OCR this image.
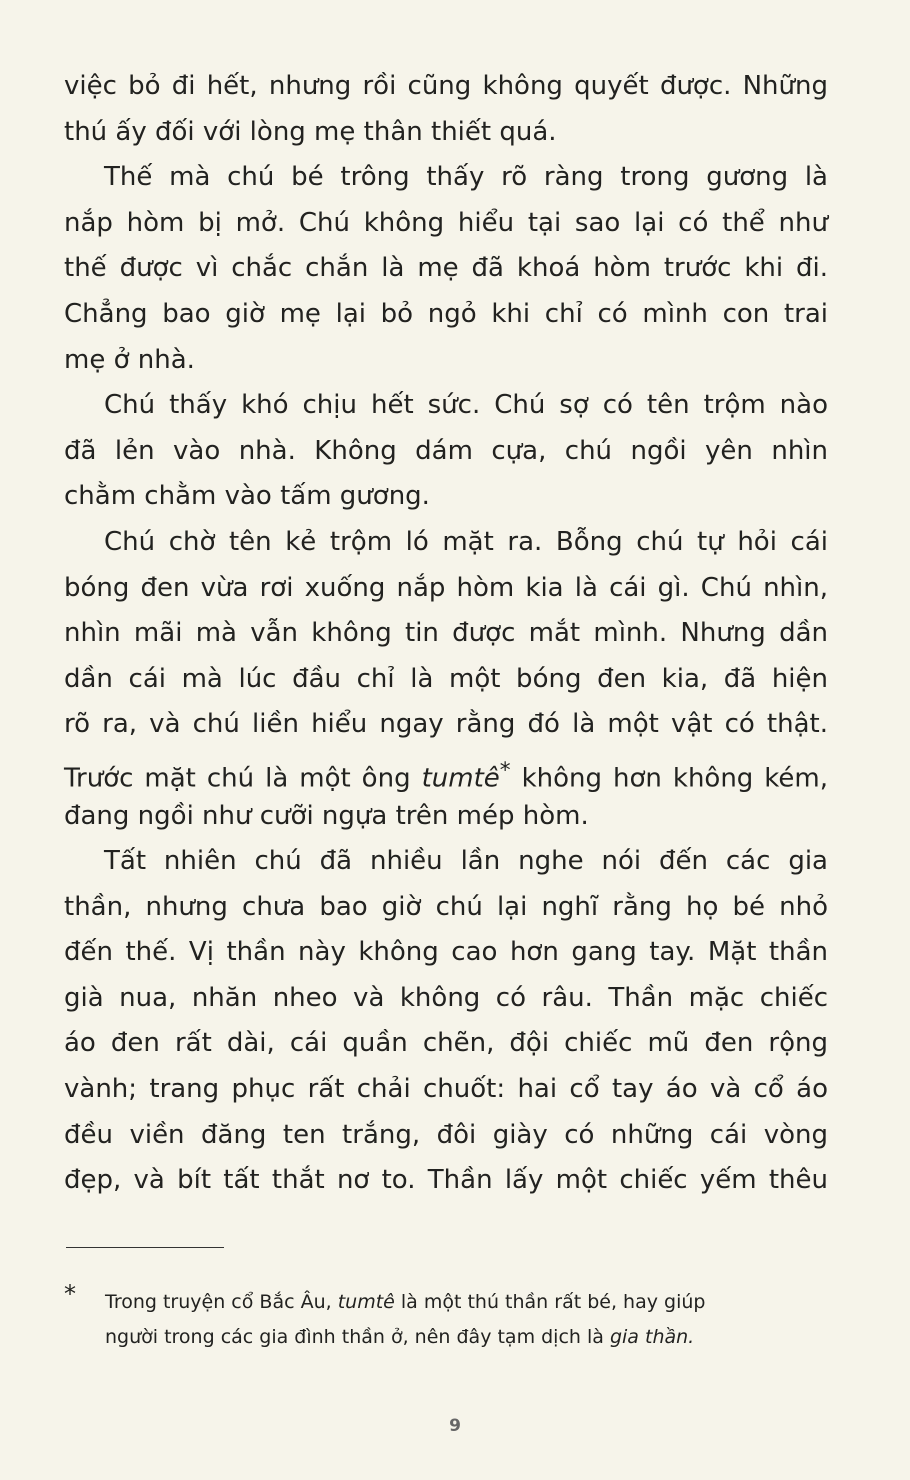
việc bỏ đi hết, nhưng rồi cũng không quyết được. Những
thú ấy đối với lòng mẹ thân thiết quá.
Thế mà chú bé trông thấy rõ ràng trong gương là
nắp hòm bị mở. Chú không hiểu tại sao lại có thể như
thế được vì chắc chắn là mẹ đã khoá hòm trước khi đi.
Chẳng bao giờ mẹ lại bỏ ngỏ khi chỉ có mình con trai
mẹ ở nhà.
Chú thấy khó chịu hết sức. Chú sợ có tên trộm nào
đã lẻn vào nhà. Không dám cựa, chú ngồi yên nhìn
chằm chằm vào tấm gương.
Chú chờ tên kẻ trộm ló mặt ra. Bỗng chú tự hỏi cái
bóng đen vừa rơi xuống nắp hòm kia là cái gì. Chú nhìn,
nhìn mãi mà vẫn không tin được mắt mình. Nhưng dần
dần cái mà lúc đầu chỉ là một bóng đen kia, đã hiện
rõ ra, và chú liền hiểu ngay rằng đó là một vật có thật.
Trước mặt chú là một ông tumtê* không hơn không kém,
đang ngồi như cưỡi ngựa trên mép hòm.
Tất nhiên chú đã nhiều lần nghe nói đến các gia
thần, nhưng chưa bao giờ chú lại nghĩ rằng họ bé nhỏ
đến thế. Vị thần này không cao hơn gang tay. Mặt thần
già nua, nhăn nheo và không có râu. Thần mặc chiếc
áo đen rất dài, cái quần chẽn, đội chiếc mũ đen rộng
vành; trang phục rất chải chuốt: hai cổ tay áo và cổ áo
đều viền đăng ten trắng, đôi giày có những cái vòng
đẹp, và bít tất thắt nơ to. Thần lấy một chiếc yếm thêu
* Trong truyện cổ Bắc Âu, tumtê là một thú thần rất bé, hay giúp
người trong các gia đình thần ở, nên đây tạm dịch là gia thần.
9
